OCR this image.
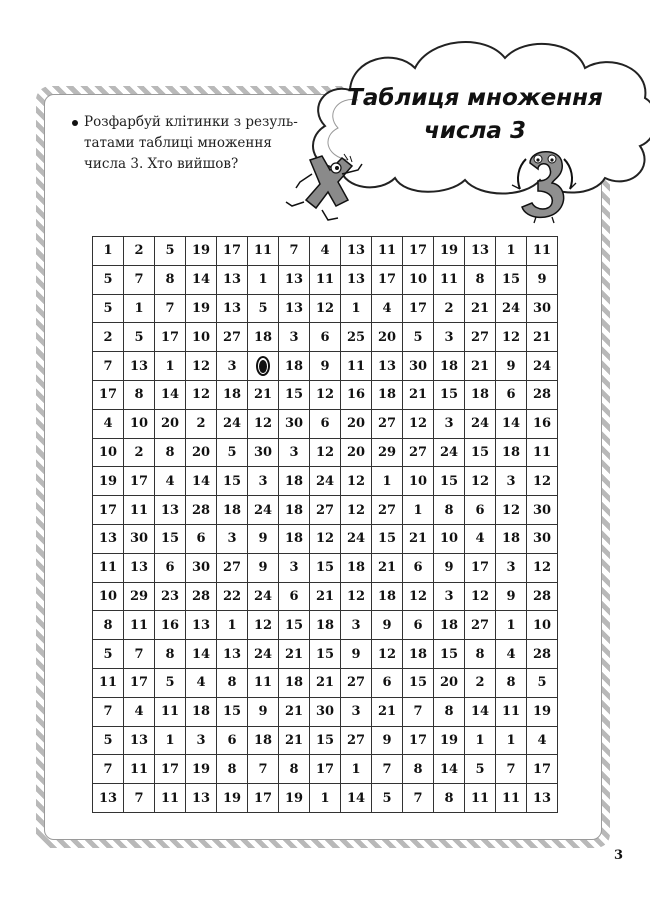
Таблиця множення
числа 3
Розфарбуй клітинки з резуль-
татами таблиці множення
числа 3. Хто вийшов?
1	2	5	19	17	11	7	4	13	11	17	19	13	1	11
5	7	8	14	13	1	13	11	13	17	10	11	8	15	9
5	1	7	19	13	5	13	12	1	4	17	2	21	24	30
2	5	17	10	27	18	3	6	25	20	5	3	27	12	21
7	13	1	12	3		18	9	11	13	30	18	21	9	24
17	8	14	12	18	21	15	12	16	18	21	15	18	6	28
4	10	20	2	24	12	30	6	20	27	12	3	24	14	16
10	2	8	20	5	30	3	12	20	29	27	24	15	18	11
19	17	4	14	15	3	18	24	12	1	10	15	12	3	12
17	11	13	28	18	24	18	27	12	27	1	8	6	12	30
13	30	15	6	3	9	18	12	24	15	21	10	4	18	30
11	13	6	30	27	9	3	15	18	21	6	9	17	3	12
10	29	23	28	22	24	6	21	12	18	12	3	12	9	28
8	11	16	13	1	12	15	18	3	9	6	18	27	1	10
5	7	8	14	13	24	21	15	9	12	18	15	8	4	28
11	17	5	4	8	11	18	21	27	6	15	20	2	8	5
7	4	11	18	15	9	21	30	3	21	7	8	14	11	19
5	13	1	3	6	18	21	15	27	9	17	19	1	1	4
7	11	17	19	8	7	8	17	1	7	8	14	5	7	17
13	7	11	13	19	17	19	1	14	5	7	8	11	11	13
3
